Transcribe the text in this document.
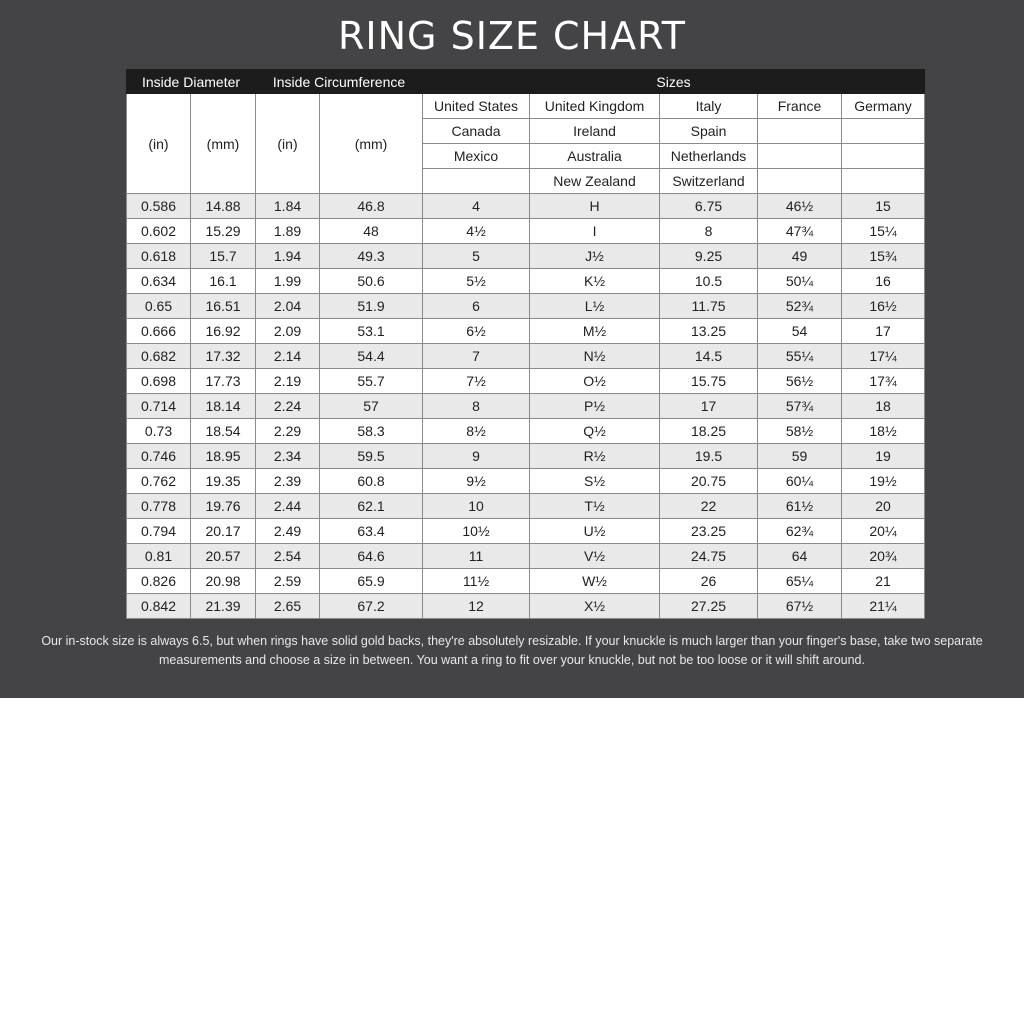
RING SIZE CHART
Inside Diameter		Inside Circumference		Sizes				
(in)	(mm)	(in)	(mm)	United States	United Kingdom	Italy	France	Germany
				Canada	Ireland	Spain		
				Mexico	Australia	Netherlands		
					New Zealand	Switzerland		
0.586	14.88	1.84	46.8	4	H	6.75	46½	15
0.602	15.29	1.89	48	4½	I	8	47¾	15¼
0.618	15.7	1.94	49.3	5	J½	9.25	49	15¾
0.634	16.1	1.99	50.6	5½	K½	10.5	50¼	16
0.65	16.51	2.04	51.9	6	L½	11.75	52¾	16½
0.666	16.92	2.09	53.1	6½	M½	13.25	54	17
0.682	17.32	2.14	54.4	7	N½	14.5	55¼	17¼
0.698	17.73	2.19	55.7	7½	O½	15.75	56½	17¾
0.714	18.14	2.24	57	8	P½	17	57¾	18
0.73	18.54	2.29	58.3	8½	Q½	18.25	58½	18½
0.746	18.95	2.34	59.5	9	R½	19.5	59	19
0.762	19.35	2.39	60.8	9½	S½	20.75	60¼	19½
0.778	19.76	2.44	62.1	10	T½	22	61½	20
0.794	20.17	2.49	63.4	10½	U½	23.25	62¾	20¼
0.81	20.57	2.54	64.6	11	V½	24.75	64	20¾
0.826	20.98	2.59	65.9	11½	W½	26	65¼	21
0.842	21.39	2.65	67.2	12	X½	27.25	67½	21¼
Our in-stock size is always 6.5, but when rings have solid gold backs, they're absolutely resizable. If your knuckle is much larger than your finger's base, take two separate measurements and choose a size in between. You want a ring to fit over your knuckle, but not be too loose or it will shift around.
